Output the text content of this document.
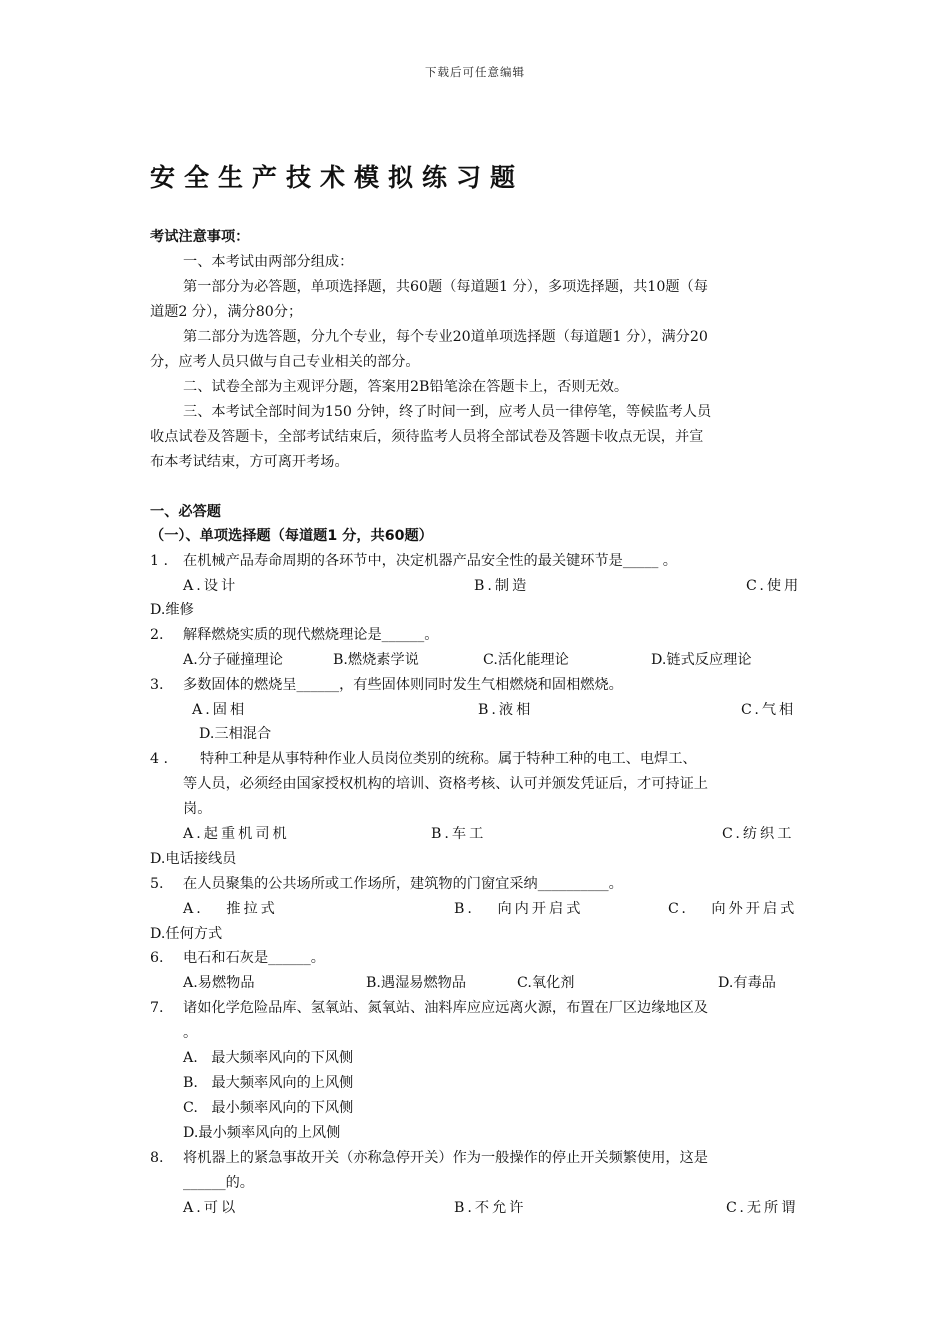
下载后可任意编辑
安全生产技术模拟练习题
考试注意事项：
一、本考试由两部分组成：
第一部分为必答题，单项选择题，共60题（每道题1 分），多项选择题，共10题（每
道题2 分），满分80分；
第二部分为选答题，分九个专业，每个专业20道单项选择题（每道题1 分），满分20
分，应考人员只做与自己专业相关的部分。
二、试卷全部为主观评分题，答案用2B铅笔涂在答题卡上，否则无效。
三、本考试全部时间为150 分钟，终了时间一到，应考人员一律停笔，等候监考人员
收点试卷及答题卡，全部考试结束后，须待监考人员将全部试卷及答题卡收点无误，并宣
布本考试结束，方可离开考场。
一、必答题
（一）、单项选择题（每道题1 分，共60题）
1 . 在机械产品寿命周期的各环节中，决定机器产品安全性的最关键环节是_____ 。
A.设计	B.制造	C.使用
D.维修
2. 解释燃烧实质的现代燃烧理论是______。
A.分子碰撞理论	B.燃烧素学说	C.活化能理论	D.链式反应理论
3. 多数固体的燃烧呈______，有些固体则同时发生气相燃烧和固相燃烧。
A.固相	B.液相	C.气相
D.三相混合
4 . 特种工种是从事特种作业人员岗位类别的统称。属于特种工种的电工、电焊工、
等人员，必须经由国家授权机构的培训、资格考核、认可并颁发凭证后，才可持证上
岗。
A.起重机司机	B.车工	C.纺织工
D.电话接线员
5. 在人员聚集的公共场所或工作场所，建筑物的门窗宜采纳__________。
A.   推拉式	B.   向内开启式	C.   向外开启式
D.任何方式
6. 电石和石灰是______。
A.易燃物品	B.遇湿易燃物品	C.氧化剂	D.有毒品
7. 诸如化学危险品库、氢氧站、氮氧站、油料库应应远离火源，布置在厂区边缘地区及
。
A.   最大频率风向的下风侧
B.   最大频率风向的上风侧
C.   最小频率风向的下风侧
D.最小频率风向的上风侧
8. 将机器上的紧急事故开关（亦称急停开关）作为一般操作的停止开关频繁使用，这是
______的。
A.可以	B.不允许	C.无所谓
